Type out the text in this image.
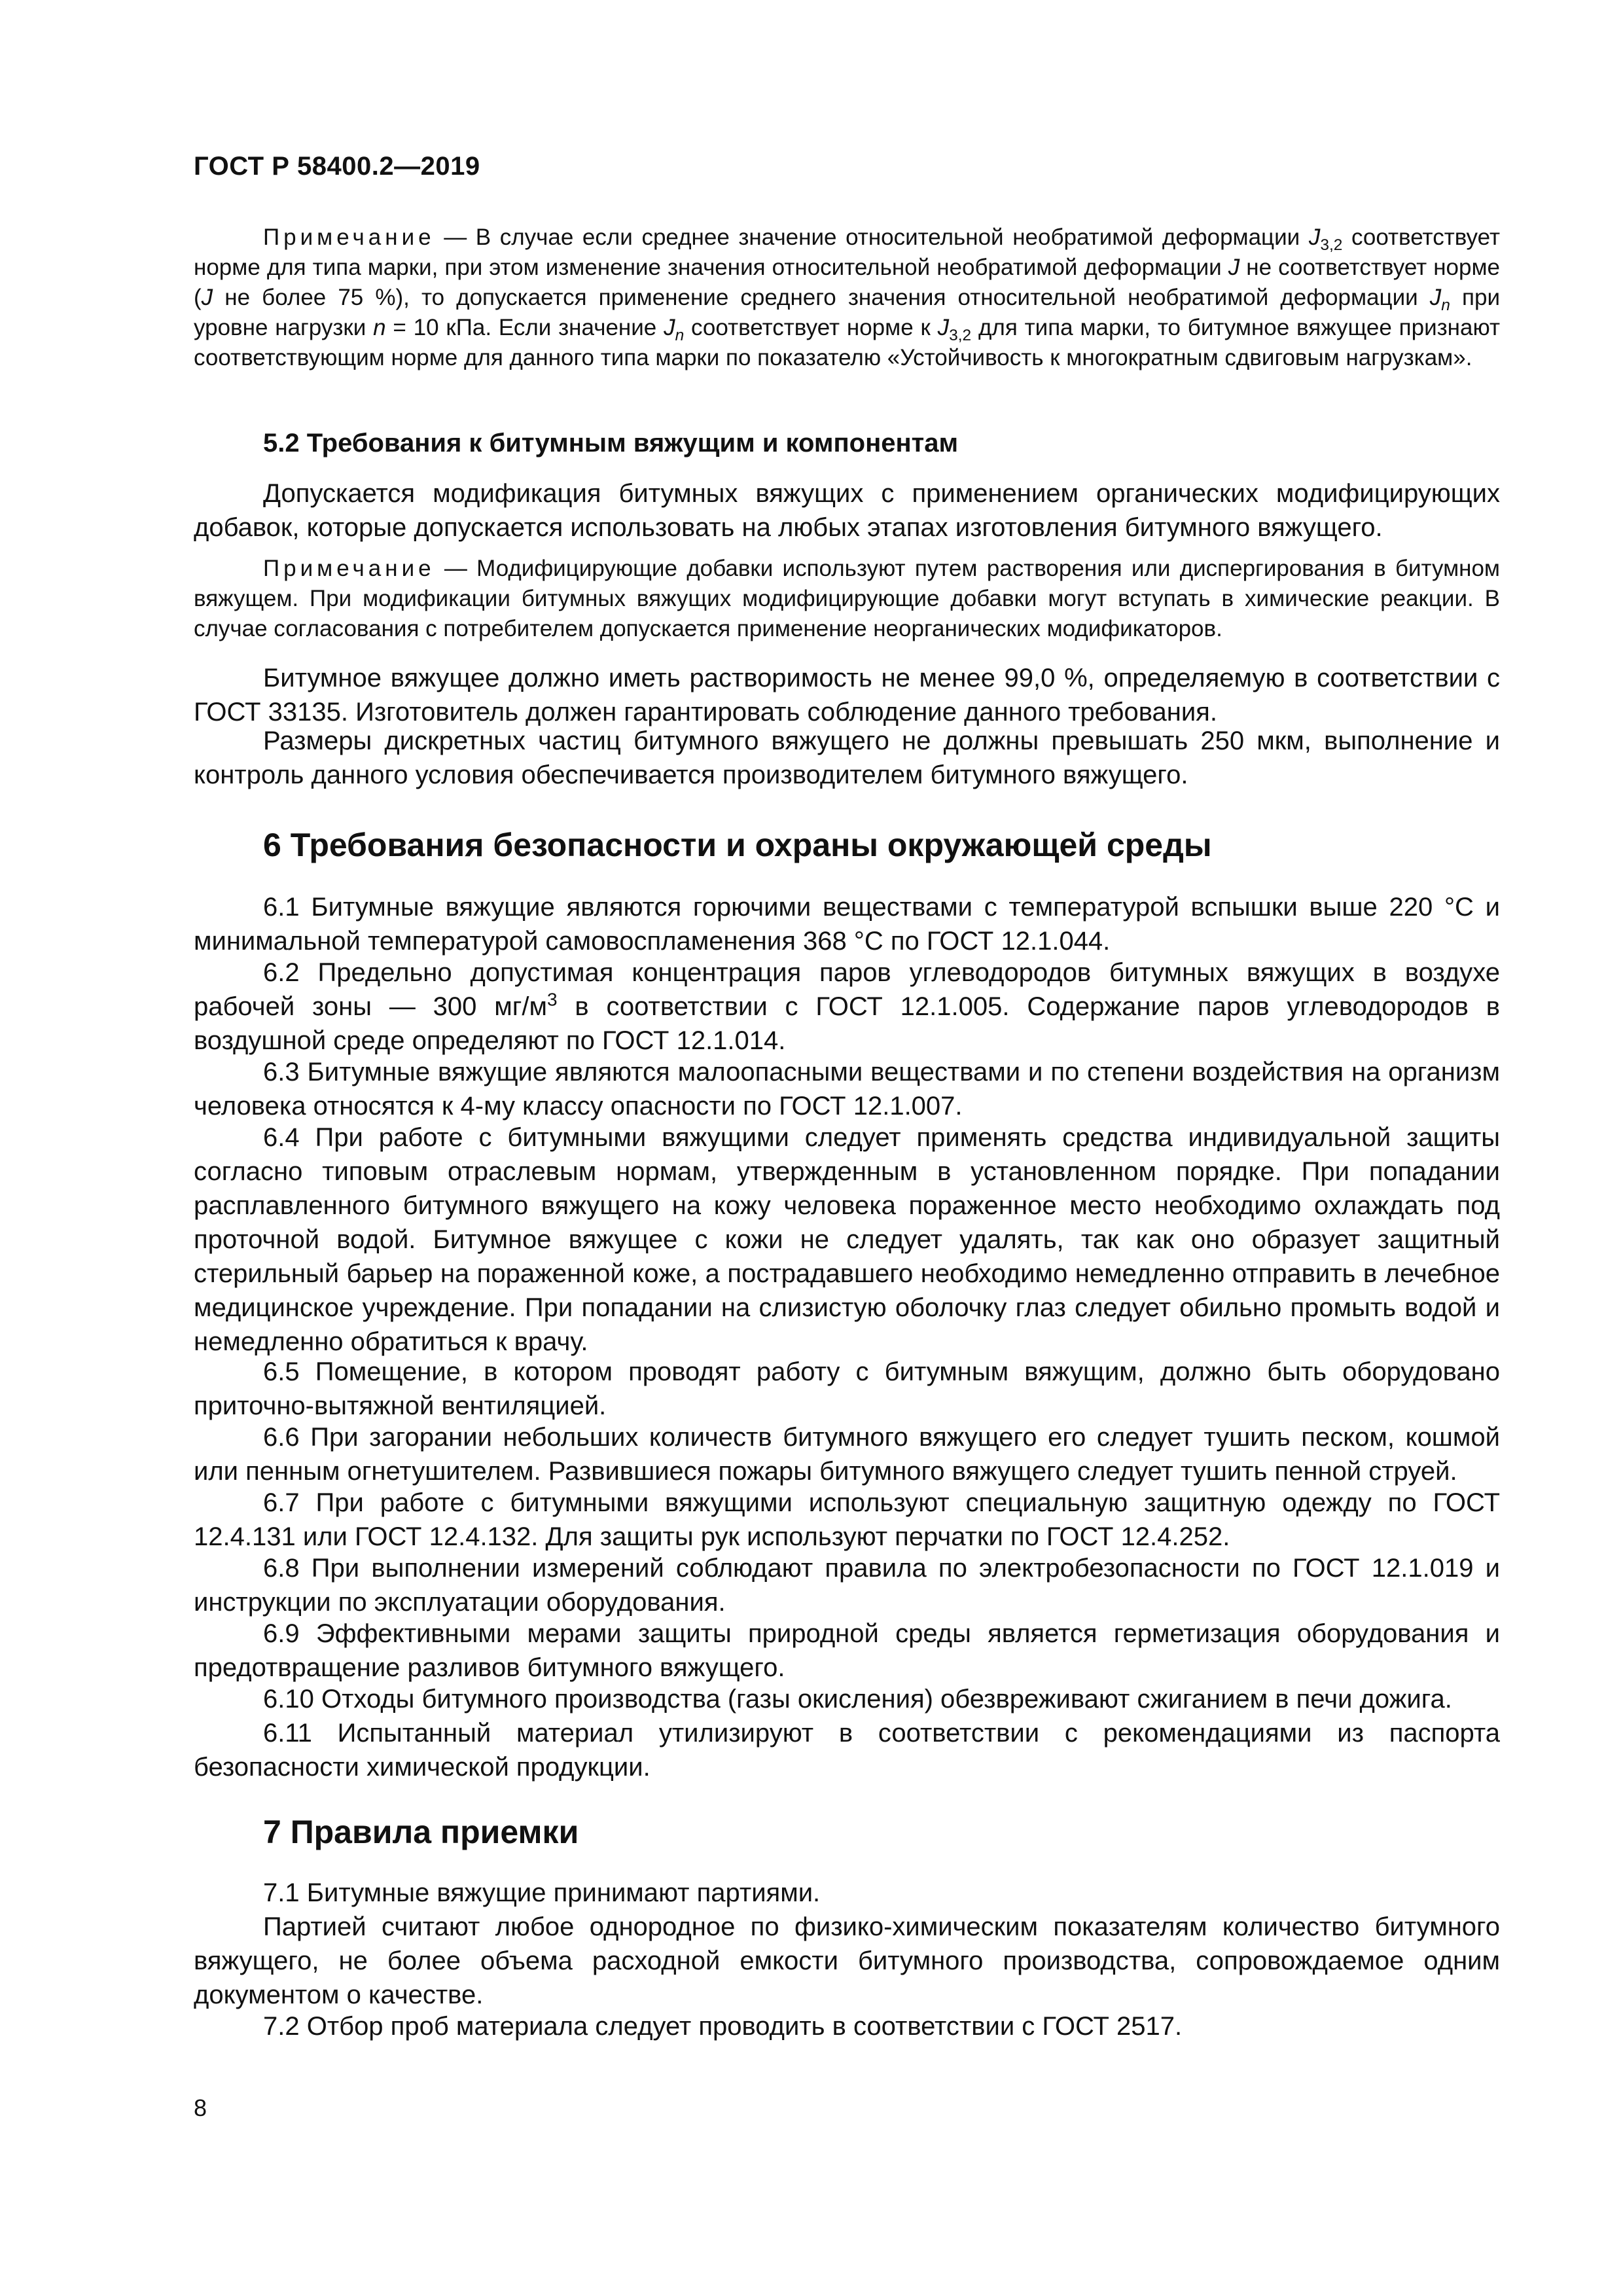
ГОСТ Р 58400.2—2019
Примечание — В случае если среднее значение относительной необратимой деформации $J_{3,2}$ соответствует норме для типа марки, при этом изменение значения относительной необратимой деформации J не соответствует норме (J не более 75 %), то допускается применение среднего значения относительной необратимой деформации $J_n$ при уровне нагрузки n = 10 кПа. Если значение $J_n$ соответствует норме к $J_{3,2}$ для типа марки, то битумное вяжущее признают соответствующим норме для данного типа марки по показателю «Устойчивость к многократным сдвиговым нагрузкам».
5.2 Требования к битумным вяжущим и компонентам
Допускается модификация битумных вяжущих с применением органических модифицирующих добавок, которые допускается использовать на любых этапах изготовления битумного вяжущего.
Примечание — Модифицирующие добавки используют путем растворения или диспергирования в битумном вяжущем. При модификации битумных вяжущих модифицирующие добавки могут вступать в химические реакции. В случае согласования с потребителем допускается применение неорганических модификаторов.
Битумное вяжущее должно иметь растворимость не менее 99,0 %, определяемую в соответствии с ГОСТ 33135. Изготовитель должен гарантировать соблюдение данного требования.
Размеры дискретных частиц битумного вяжущего не должны превышать 250 мкм, выполнение и контроль данного условия обеспечивается производителем битумного вяжущего.
6 Требования безопасности и охраны окружающей среды
6.1 Битумные вяжущие являются горючими веществами с температурой вспышки выше 220 °С и минимальной температурой самовоспламенения 368 °С по ГОСТ 12.1.044.
6.2 Предельно допустимая концентрация паров углеводородов битумных вяжущих в воздухе рабочей зоны — 300 $мг/м^3$ в соответствии с ГОСТ 12.1.005. Содержание паров углеводородов в воздушной среде определяют по ГОСТ 12.1.014.
6.3 Битумные вяжущие являются малоопасными веществами и по степени воздействия на организм человека относятся к 4-му классу опасности по ГОСТ 12.1.007.
6.4 При работе с битумными вяжущими следует применять средства индивидуальной защиты согласно типовым отраслевым нормам, утвержденным в установленном порядке. При попадании расплавленного битумного вяжущего на кожу человека пораженное место необходимо охлаждать под проточной водой. Битумное вяжущее с кожи не следует удалять, так как оно образует защитный стерильный барьер на пораженной коже, а пострадавшего необходимо немедленно отправить в лечебное медицинское учреждение. При попадании на слизистую оболочку глаз следует обильно промыть водой и немедленно обратиться к врачу.
6.5 Помещение, в котором проводят работу с битумным вяжущим, должно быть оборудовано приточно-вытяжной вентиляцией.
6.6 При загорании небольших количеств битумного вяжущего его следует тушить песком, кошмой или пенным огнетушителем. Развившиеся пожары битумного вяжущего следует тушить пенной струей.
6.7 При работе с битумными вяжущими используют специальную защитную одежду по ГОСТ 12.4.131 или ГОСТ 12.4.132. Для защиты рук используют перчатки по ГОСТ 12.4.252.
6.8 При выполнении измерений соблюдают правила по электробезопасности по ГОСТ 12.1.019 и инструкции по эксплуатации оборудования.
6.9 Эффективными мерами защиты природной среды является герметизация оборудования и предотвращение разливов битумного вяжущего.
6.10 Отходы битумного производства (газы окисления) обезвреживают сжиганием в печи дожига.
6.11 Испытанный материал утилизируют в соответствии с рекомендациями из паспорта безопасности химической продукции.
7 Правила приемки
7.1 Битумные вяжущие принимают партиями.
Партией считают любое однородное по физико-химическим показателям количество битумного вяжущего, не более объема расходной емкости битумного производства, сопровождаемое одним документом о качестве.
7.2 Отбор проб материала следует проводить в соответствии с ГОСТ 2517.
8
